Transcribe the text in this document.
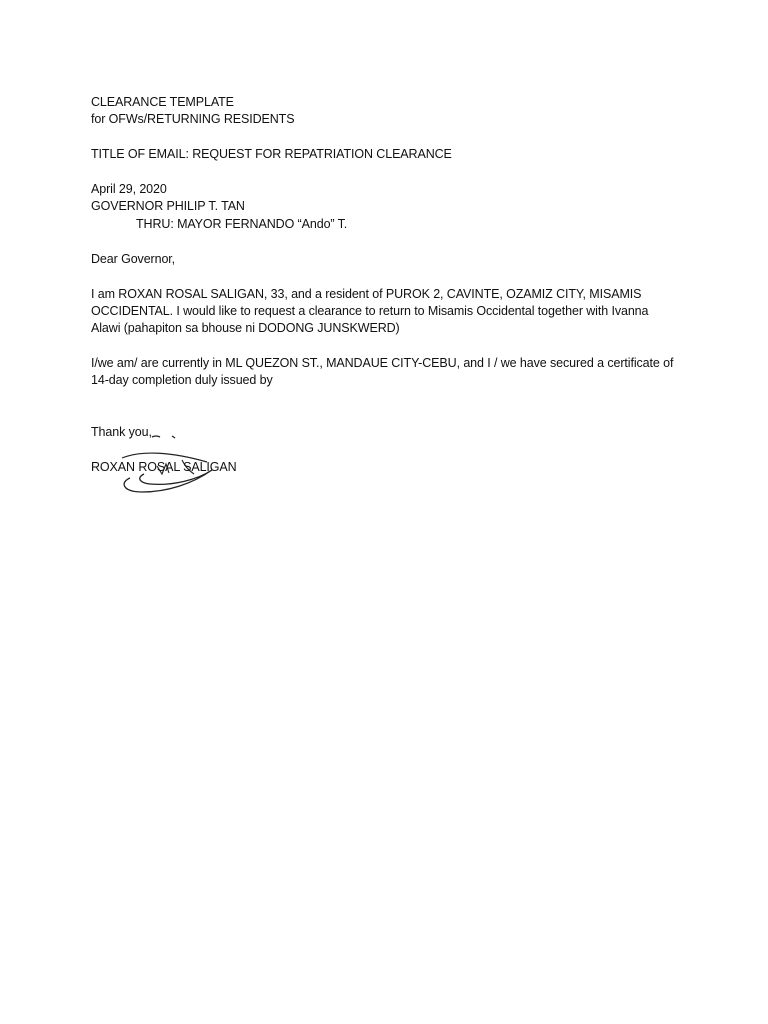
CLEARANCE TEMPLATE
for OFWs/RETURNING RESIDENTS
TITLE OF EMAIL: REQUEST FOR REPATRIATION CLEARANCE
April 29, 2020
GOVERNOR PHILIP T. TAN
THRU: MAYOR FERNANDO “Ando” T.
Dear Governor,
I am ROXAN ROSAL SALIGAN, 33, and a resident of PUROK 2, CAVINTE, OZAMIZ CITY, MISAMIS
OCCIDENTAL. I would like to request a clearance to return to Misamis Occidental together with Ivanna
Alawi (pahapiton sa bhouse ni DODONG JUNSKWERD)
I/we am/ are currently in ML QUEZON ST., MANDAUE CITY-CEBU, and I / we have secured a certificate of
14-day completion duly issued by
Thank you,
ROXAN ROSAL SALIGAN
